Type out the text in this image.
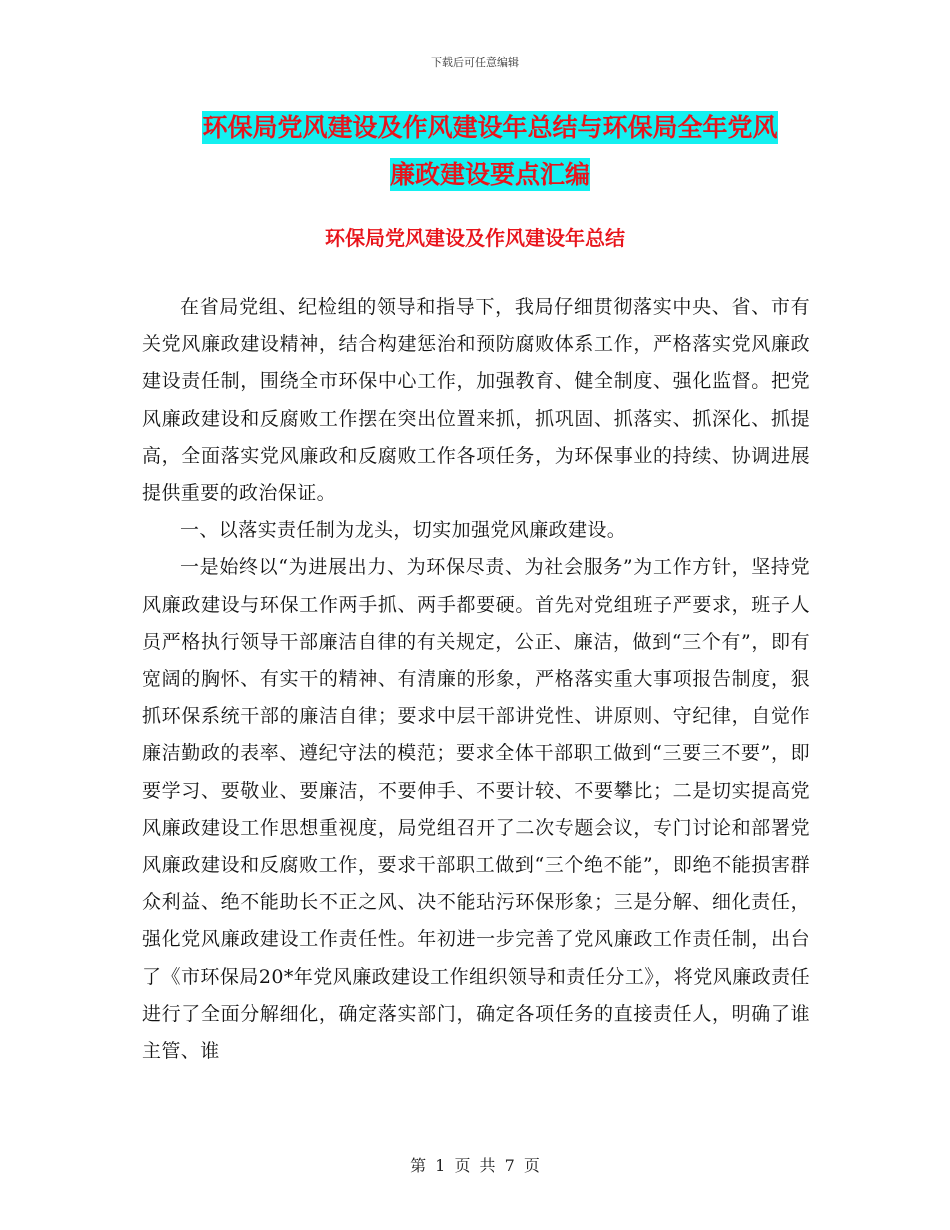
下载后可任意编辑
环保局党风建设及作风建设年总结与环保局全年党风
廉政建设要点汇编
环保局党风建设及作风建设年总结

在省局党组、纪检组的领导和指导下，我局仔细贯彻落实中央、省、市有关党风廉政建设精神，结合构建惩治和预防腐败体系工作，严格落实党风廉政建设责任制，围绕全市环保中心工作，加强教育、健全制度、强化监督。把党风廉政建设和反腐败工作摆在突出位置来抓，抓巩固、抓落实、抓深化、抓提高，全面落实党风廉政和反腐败工作各项任务，为环保事业的持续、协调进展提供重要的政治保证。

一、以落实责任制为龙头，切实加强党风廉政建设。

一是始终以“为进展出力、为环保尽责、为社会服务”为工作方针，坚持党风廉政建设与环保工作两手抓、两手都要硬。首先对党组班子严要求，班子人员严格执行领导干部廉洁自律的有关规定，公正、廉洁，做到“三个有”，即有宽阔的胸怀、有实干的精神、有清廉的形象，严格落实重大事项报告制度，狠抓环保系统干部的廉洁自律；要求中层干部讲党性、讲原则、守纪律，自觉作廉洁勤政的表率、遵纪守法的模范；要求全体干部职工做到“三要三不要”，即要学习、要敬业、要廉洁，不要伸手、不要计较、不要攀比；二是切实提高党风廉政建设工作思想重视度，局党组召开了二次专题会议，专门讨论和部署党风廉政建设和反腐败工作，要求干部职工做到“三个绝不能”，即绝不能损害群众利益、绝不能助长不正之风、决不能玷污环保形象；三是分解、细化责任，强化党风廉政建设工作责任性。年初进一步完善了党风廉政工作责任制，出台了《市环保局20*年党风廉政建设工作组织领导和责任分工》，将党风廉政责任进行了全面分解细化，确定落实部门，确定各项任务的直接责任人，明确了谁主管、谁

第 1 页 共 7 页
